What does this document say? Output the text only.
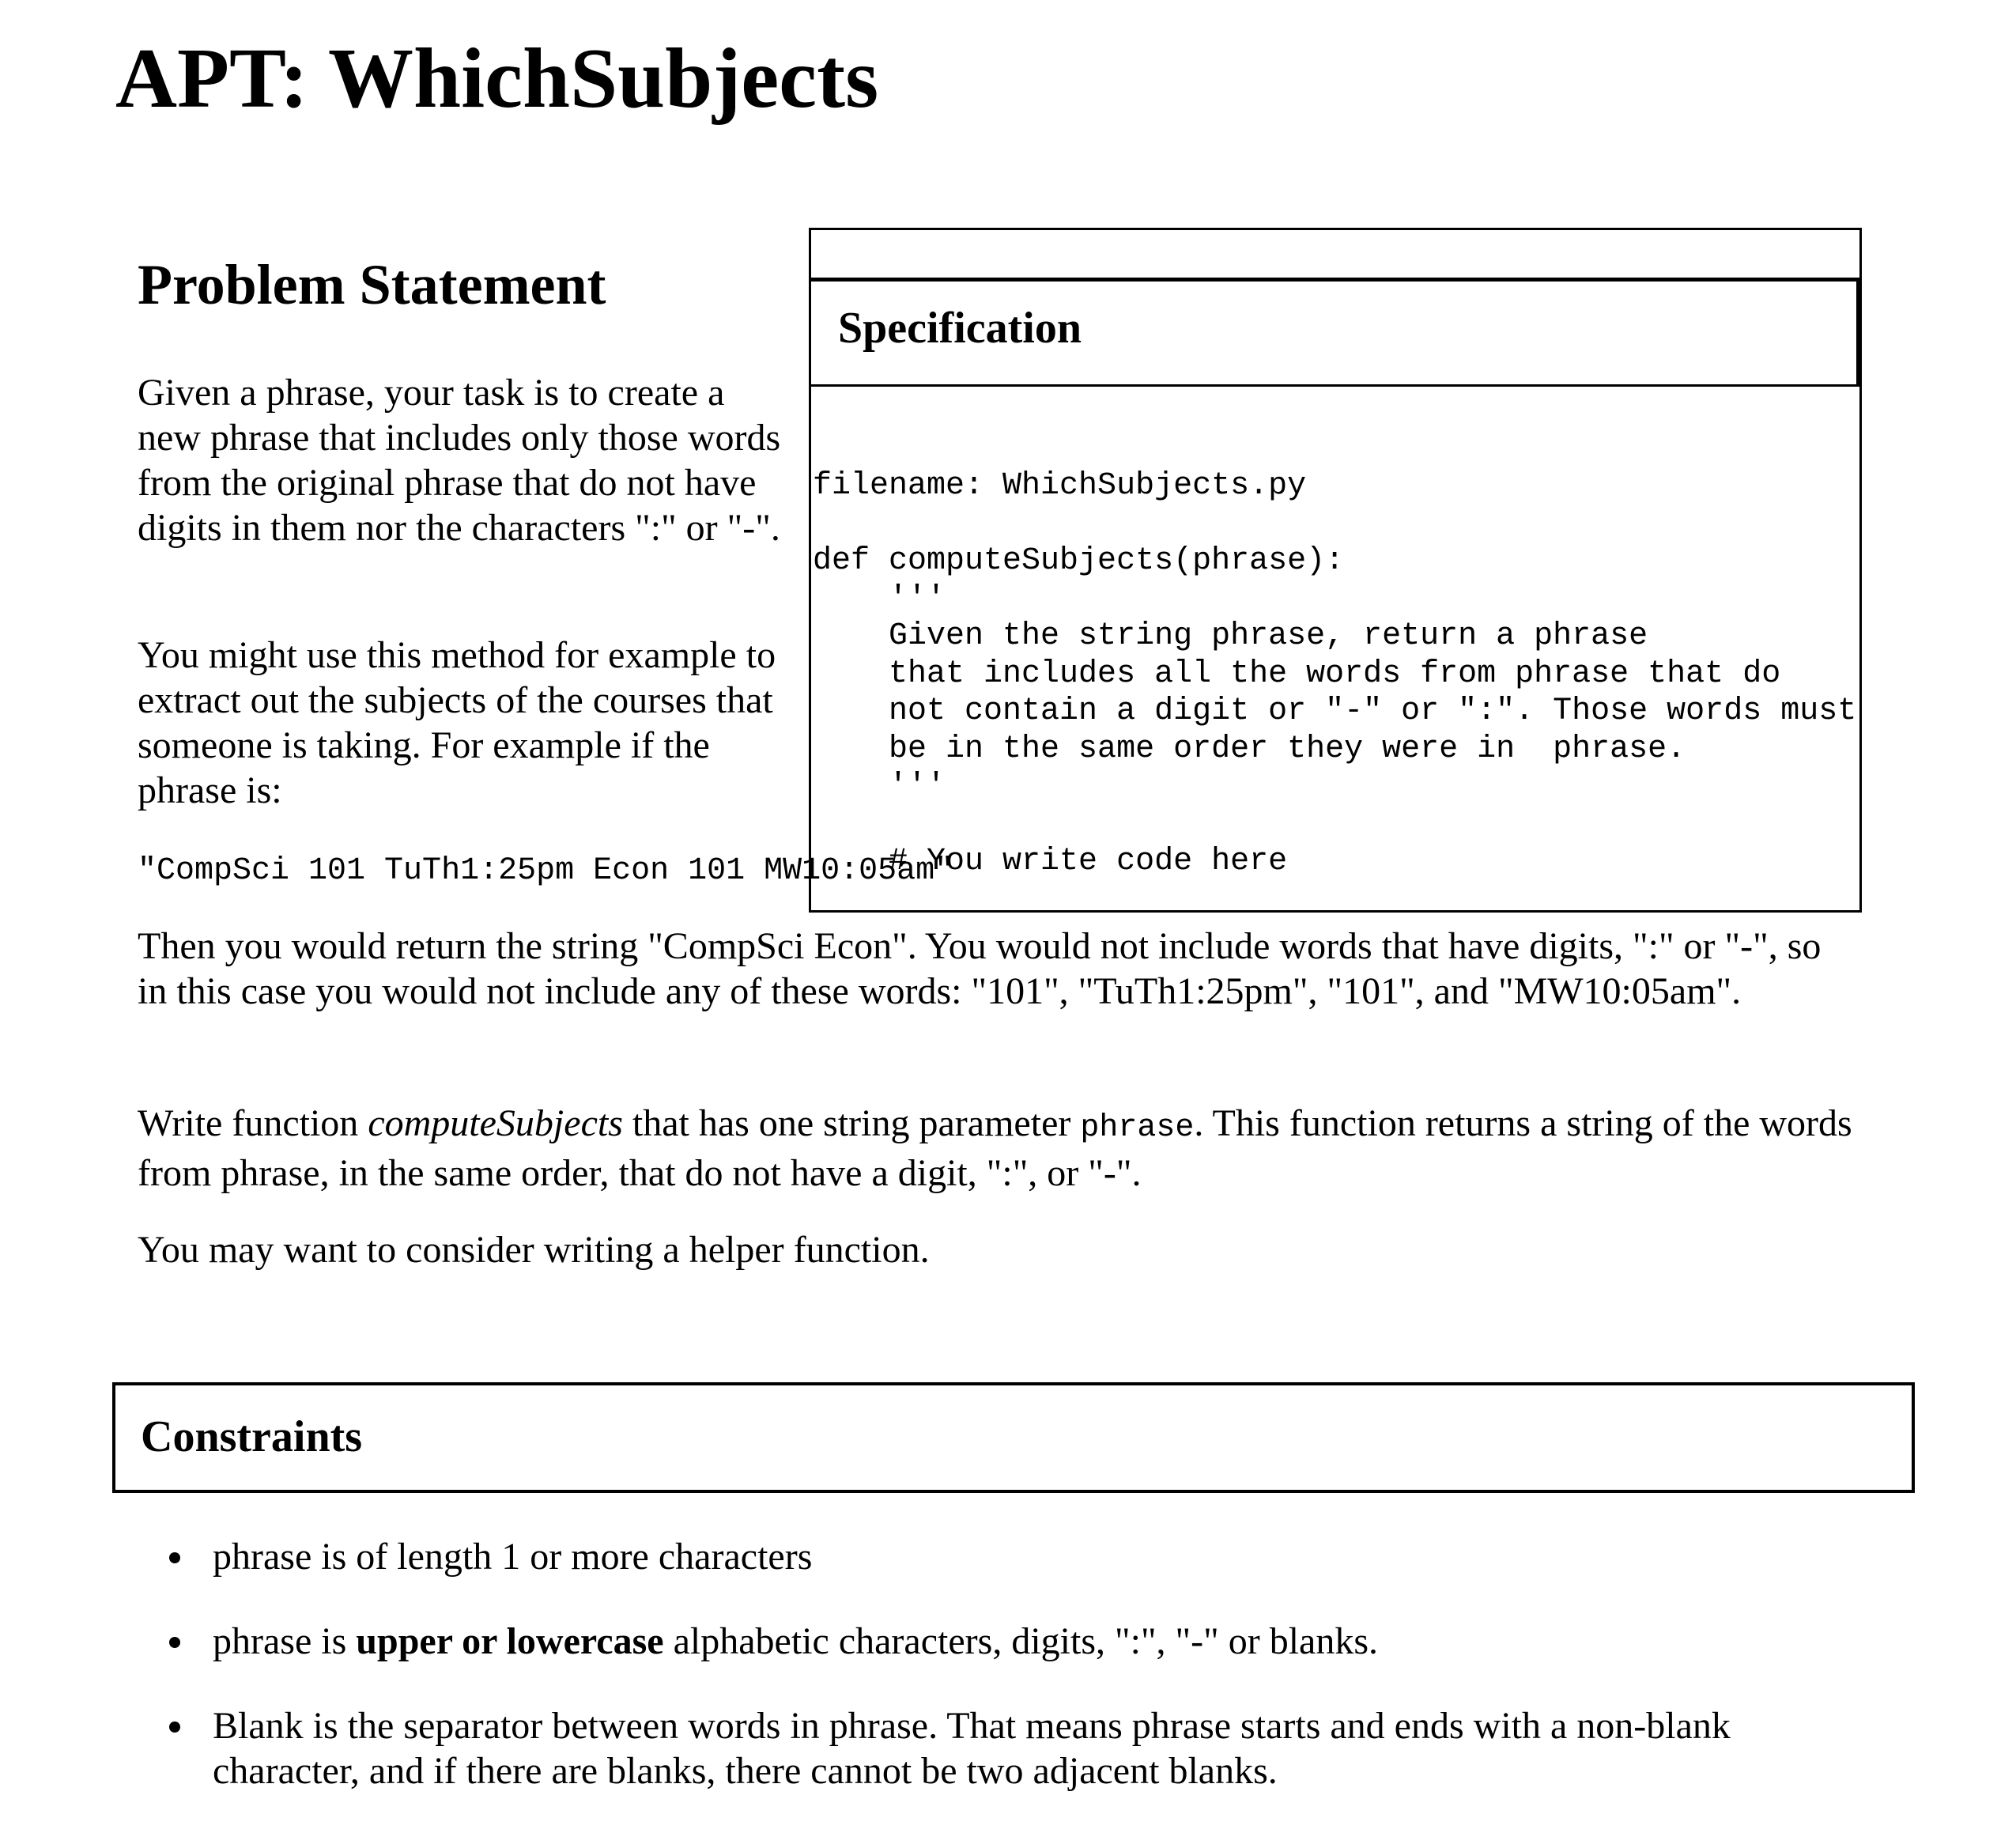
APT: WhichSubjects
Problem Statement

Given a phrase, your task is to create a new phrase that includes only those words from the original phrase that do not have digits in them nor the characters ":" or "-".

You might use this method for example to extract out the subjects of the courses that someone is taking. For example if the phrase is:

"CompSci 101 TuTh1:25pm Econ 101 MW10:05am"

Specification
filename: WhichSubjects.py

def computeSubjects(phrase):
'''
Given the string phrase, return a phrase
that includes all the words from phrase that do
not contain a digit or "-" or ":". Those words must
be in the same order they were in  phrase.
'''

# You write code here

Then you would return the string "CompSci Econ". You would not include words that have digits, ":" or "-", so in this case you would not include any of these words: "101", "TuTh1:25pm", "101", and "MW10:05am".

Write function computeSubjects that has one string parameter phrase. This function returns a string of the words from phrase, in the same order, that do not have a digit, ":", or "-".

You may want to consider writing a helper function.

Constraints
phrase is of length 1 or more characters
phrase is upper or lowercase alphabetic characters, digits, ":", "-" or blanks.
Blank is the separator between words in phrase. That means phrase starts and ends with a non-blank character, and if there are blanks, there cannot be two adjacent blanks.
